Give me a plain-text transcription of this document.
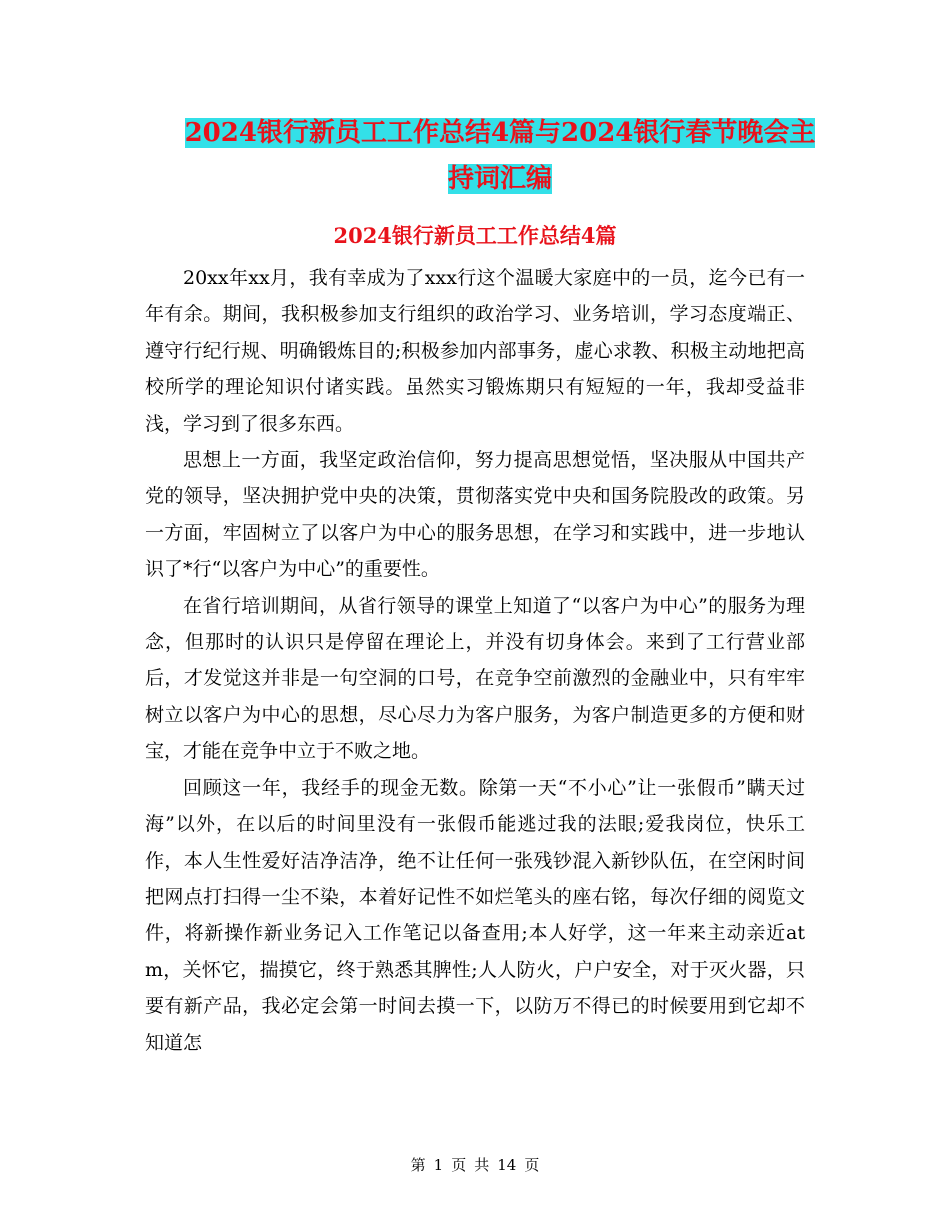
2024银行新员工工作总结4篇与2024银行春节晚会主
持词汇编
2024银行新员工工作总结4篇

20xx年xx月，我有幸成为了xxx行这个温暖大家庭中的一员，迄今已有一年有余。期间，我积极参加支行组织的政治学习、业务培训，学习态度端正、遵守行纪行规、明确锻炼目的;积极参加内部事务，虚心求教、积极主动地把高校所学的理论知识付诸实践。虽然实习锻炼期只有短短的一年，我却受益非浅，学习到了很多东西。

思想上一方面，我坚定政治信仰，努力提高思想觉悟，坚决服从中国共产党的领导，坚决拥护党中央的决策，贯彻落实党中央和国务院股改的政策。另一方面，牢固树立了以客户为中心的服务思想，在学习和实践中，进一步地认识了*行“以客户为中心”的重要性。

在省行培训期间，从省行领导的课堂上知道了“以客户为中心”的服务为理念，但那时的认识只是停留在理论上，并没有切身体会。来到了工行营业部后，才发觉这并非是一句空洞的口号，在竞争空前激烈的金融业中，只有牢牢树立以客户为中心的思想，尽心尽力为客户服务，为客户制造更多的方便和财宝，才能在竞争中立于不败之地。

回顾这一年，我经手的现金无数。除第一天“不小心”让一张假币”瞒天过海”以外，在以后的时间里没有一张假币能逃过我的法眼;爱我岗位，快乐工作，本人生性爱好洁净洁净，绝不让任何一张残钞混入新钞队伍，在空闲时间把网点打扫得一尘不染，本着好记性不如烂笔头的座右铭，每次仔细的阅览文件，将新操作新业务记入工作笔记以备查用;本人好学，这一年来主动亲近atm，关怀它，揣摸它，终于熟悉其脾性;人人防火，户户安全，对于灭火器，只要有新产品，我必定会第一时间去摸一下，以防万不得已的时候要用到它却不知道怎

第 1 页 共 14 页
